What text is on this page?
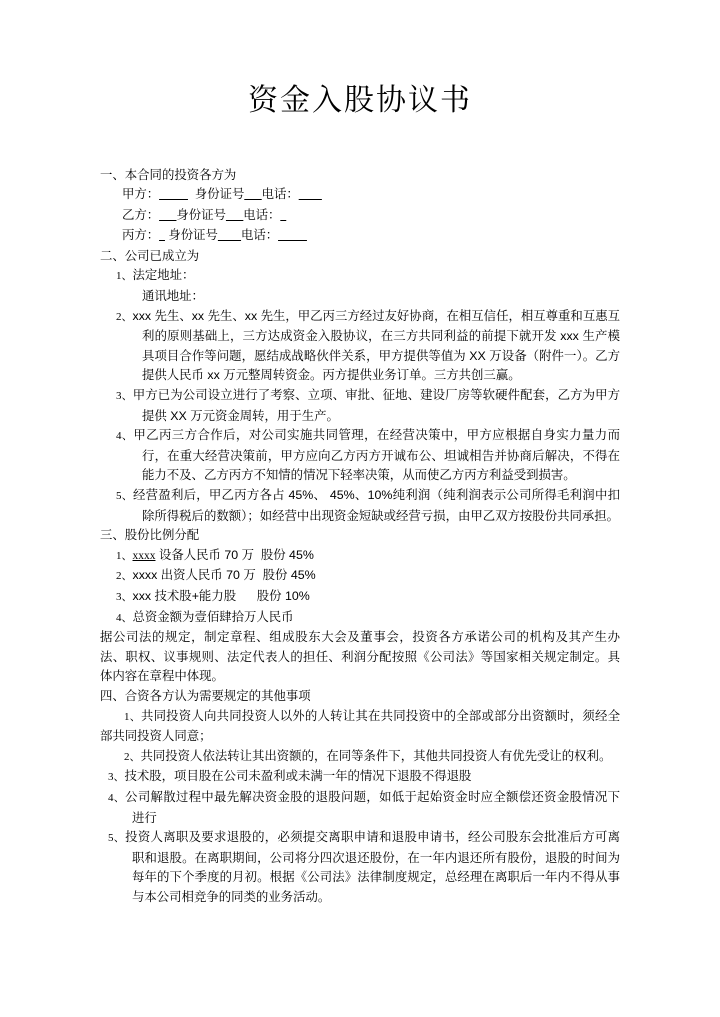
资金入股协议书

一、本合同的投资各方为

甲方：_____ 身份证号___电话：____

乙方：___身份证号___电话：_

丙方：_ 身份证号____电话：_____

二、公司已成立为

1、法定地址：

通讯地址：

2、xxx 先生、xx 先生、xx 先生，甲乙丙三方经过友好协商，在相互信任，相互尊重和互惠互利的原则基础上，三方达成资金入股协议，在三方共同利益的前提下就开发 xxx 生产模具项目合作等问题，愿结成战略伙伴关系，甲方提供等值为 XX 万设备（附件一）。乙方提供人民币 xx 万元整周转资金。丙方提供业务订单。三方共创三赢。

3、甲方已为公司设立进行了考察、立项、审批、征地、建设厂房等软硬件配套，乙方为甲方提供 XX 万元资金周转，用于生产。

4、甲乙丙三方合作后，对公司实施共同管理，在经营决策中，甲方应根据自身实力量力而行，在重大经营决策前，甲方应向乙方丙方开诚布公、坦诚相告并协商后解决，不得在能力不及、乙方丙方不知情的情况下轻率决策，从而使乙方丙方利益受到损害。

5、经营盈利后，甲乙丙方各占 45%、 45%、10%纯利润（纯利润表示公司所得毛利润中扣除所得税后的数额）；如经营中出现资金短缺或经营亏损，由甲乙双方按股份共同承担。

三、股份比例分配

1、xxxx 设备人民币 70 万  股份 45%

2、xxxx 出资人民币 70 万  股份 45%

3、xxx 技术股+能力股      股份 10%

4、总资金额为壹佰肆拾万人民币

据公司法的规定，制定章程、组成股东大会及董事会，投资各方承诺公司的机构及其产生办法、职权、议事规则、法定代表人的担任、利润分配按照《公司法》等国家相关规定制定。具体内容在章程中体现。

四、合资各方认为需要规定的其他事项

1、共同投资人向共同投资人以外的人转让其在共同投资中的全部或部分出资额时，须经全部共同投资人同意；

2、共同投资人依法转让其出资额的，在同等条件下，其他共同投资人有优先受让的权利。

3、技术股，项目股在公司未盈利或未满一年的情况下退股不得退股

4、公司解散过程中最先解决资金股的退股问题，如低于起始资金时应全额偿还资金股情况下进行

5、投资人离职及要求退股的，必须提交离职申请和退股申请书，经公司股东会批准后方可离职和退股。在离职期间，公司将分四次退还股份，在一年内退还所有股份，退股的时间为每年的下个季度的月初。根据《公司法》法律制度规定，总经理在离职后一年内不得从事与本公司相竞争的同类的业务活动。
